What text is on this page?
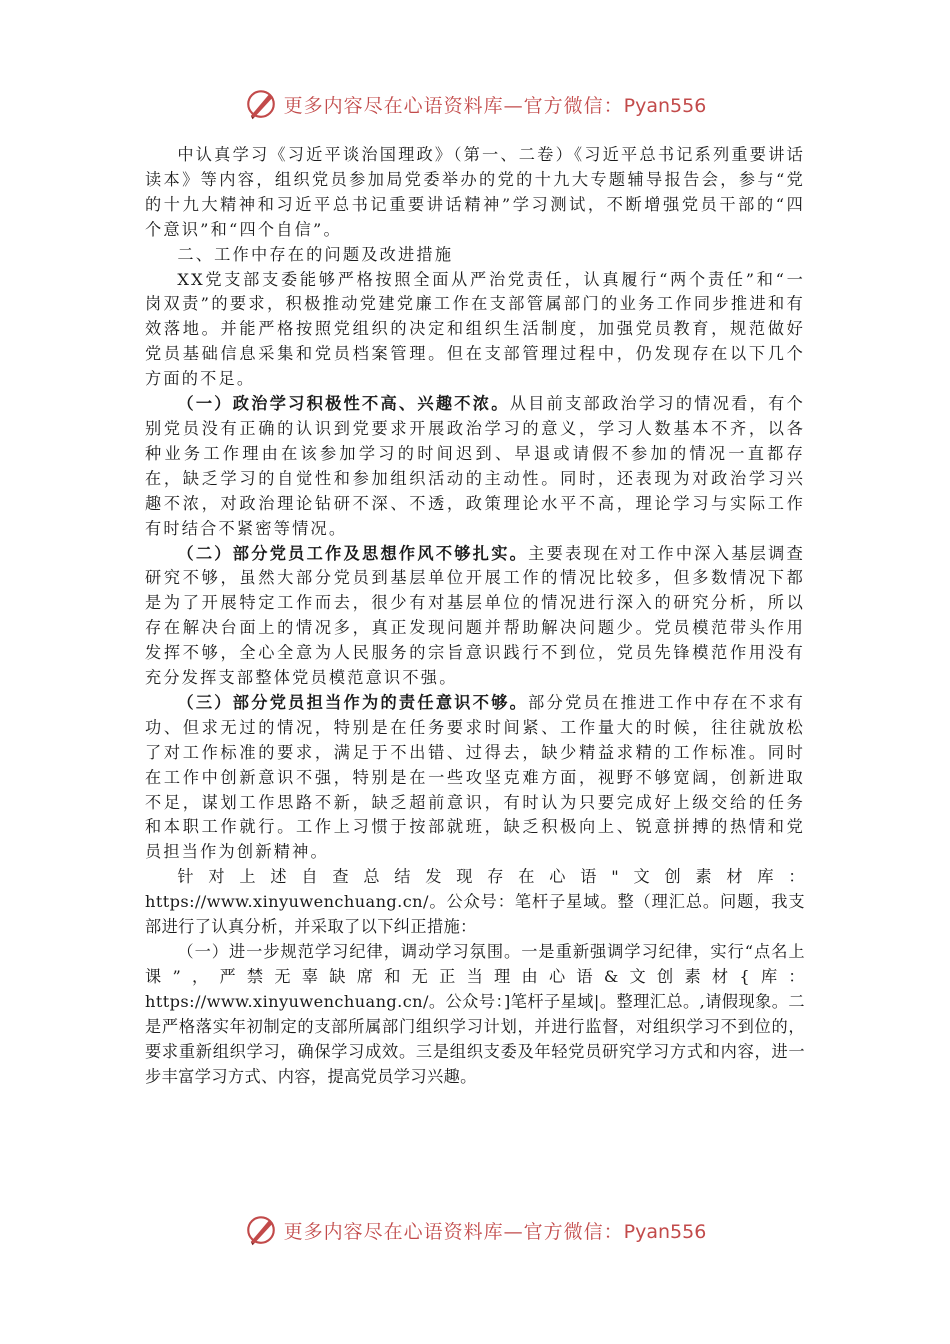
更多内容尽在心语资料库—官方微信：Pyan556

中认真学习《习近平谈治国理政》（第一、二卷）《习近平总书记系列重要讲话读本》等内容，组织党员参加局党委举办的党的十九大专题辅导报告会，参与“党的十九大精神和习近平总书记重要讲话精神”学习测试，不断增强党员干部的“四个意识”和“四个自信”。

二、工作中存在的问题及改进措施

XX党支部支委能够严格按照全面从严治党责任，认真履行“两个责任”和“一岗双责”的要求，积极推动党建党廉工作在支部管属部门的业务工作同步推进和有效落地。并能严格按照党组织的决定和组织生活制度，加强党员教育，规范做好党员基础信息采集和党员档案管理。但在支部管理过程中，仍发现存在以下几个方面的不足。

（一）政治学习积极性不高、兴趣不浓。从目前支部政治学习的情况看，有个别党员没有正确的认识到党要求开展政治学习的意义，学习人数基本不齐，以各种业务工作理由在该参加学习的时间迟到、早退或请假不参加的情况一直都存在，缺乏学习的自觉性和参加组织活动的主动性。同时，还表现为对政治学习兴趣不浓，对政治理论钻研不深、不透，政策理论水平不高，理论学习与实际工作有时结合不紧密等情况。

（二）部分党员工作及思想作风不够扎实。主要表现在对工作中深入基层调查研究不够，虽然大部分党员到基层单位开展工作的情况比较多，但多数情况下都是为了开展特定工作而去，很少有对基层单位的情况进行深入的研究分析，所以存在解决台面上的情况多，真正发现问题并帮助解决问题少。党员模范带头作用发挥不够，全心全意为人民服务的宗旨意识践行不到位，党员先锋模范作用没有充分发挥支部整体党员模范意识不强。

（三）部分党员担当作为的责任意识不够。部分党员在推进工作中存在不求有功、但求无过的情况，特别是在任务要求时间紧、工作量大的时候，往往就放松了对工作标准的要求，满足于不出错、过得去，缺少精益求精的工作标准。同时在工作中创新意识不强，特别是在一些攻坚克难方面，视野不够宽阔，创新进取不足，谋划工作思路不新，缺乏超前意识，有时认为只要完成好上级交给的任务和本职工作就行。工作上习惯于按部就班，缺乏积极向上、锐意拼搏的热情和党员担当作为创新精神。

针对上述自查总结发现存在心语"文创素材库：https://www.xinyuwenchuang.cn/。公众号：笔杆子星域。整（理汇总。问题，我支部进行了认真分析，并采取了以下纠正措施：

（一）进一步规范学习纪律，调动学习氛围。一是重新强调学习纪律，实行“点名上课”，严禁无辜缺席和无正当理由心语&文创素材{库：https://www.xinyuwenchuang.cn/。公众号：]笔杆子星域|。整理汇总。,请假现象。二是严格落实年初制定的支部所属部门组织学习计划，并进行监督，对组织学习不到位的，要求重新组织学习，确保学习成效。三是组织支委及年轻党员研究学习方式和内容，进一步丰富学习方式、内容，提高党员学习兴趣。

更多内容尽在心语资料库—官方微信：Pyan556
